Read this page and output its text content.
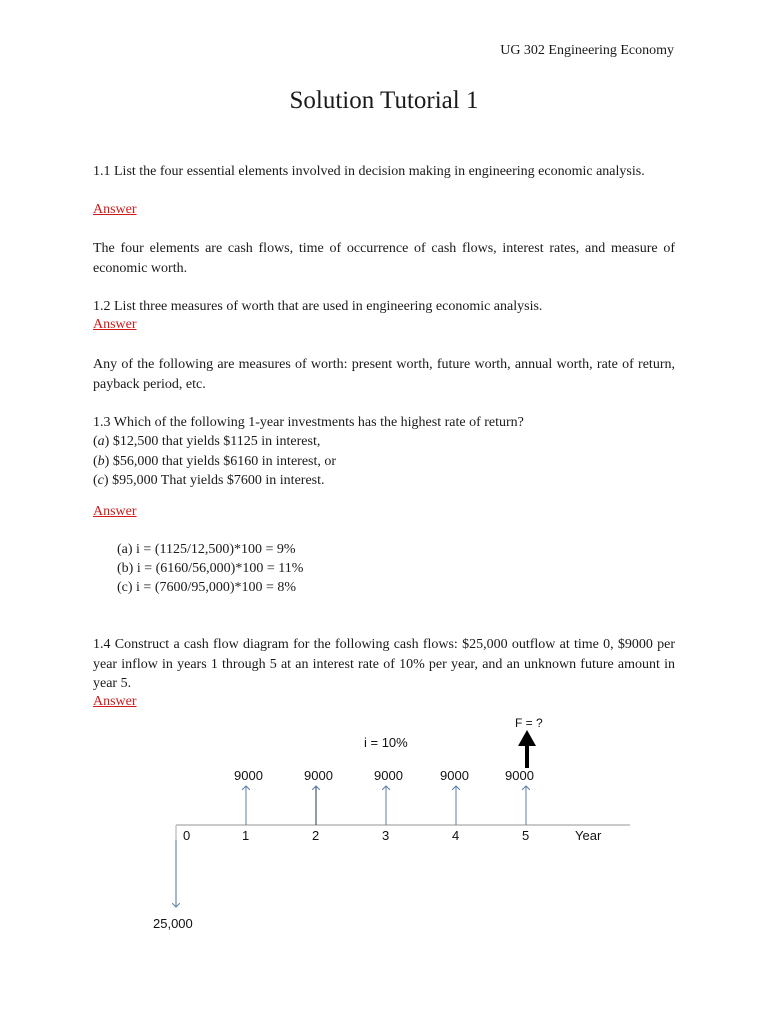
UG 302 Engineering Economy
Solution Tutorial 1
1.1 List the four essential elements involved in decision making in engineering economic analysis.
Answer
The four elements are cash flows, time of occurrence of cash flows, interest rates, and measure of economic worth.
1.2 List three measures of worth that are used in engineering economic analysis.
Answer
Any of the following are measures of worth: present worth, future worth, annual worth, rate of return, payback period, etc.
1.3 Which of the following 1-year investments has the highest rate of return?
(a) $12,500 that yields $1125 in interest,
(b) $56,000 that yields $6160 in interest, or
(c) $95,000 That yields $7600 in interest.
Answer
(a) i = (1125/12,500)*100 = 9%
(b) i = (6160/56,000)*100 = 11%
(c) i = (7600/95,000)*100 = 8%
1.4 Construct a cash flow diagram for the following cash flows: $25,000 outflow at time 0, $9000 per year inflow in years 1 through 5 at an interest rate of 10% per year, and an unknown future amount in year 5.
Answer
i = 10%
F = ?
9000	9000	9000	9000	9000
0	1	2	3	4	5	Year
25,000
